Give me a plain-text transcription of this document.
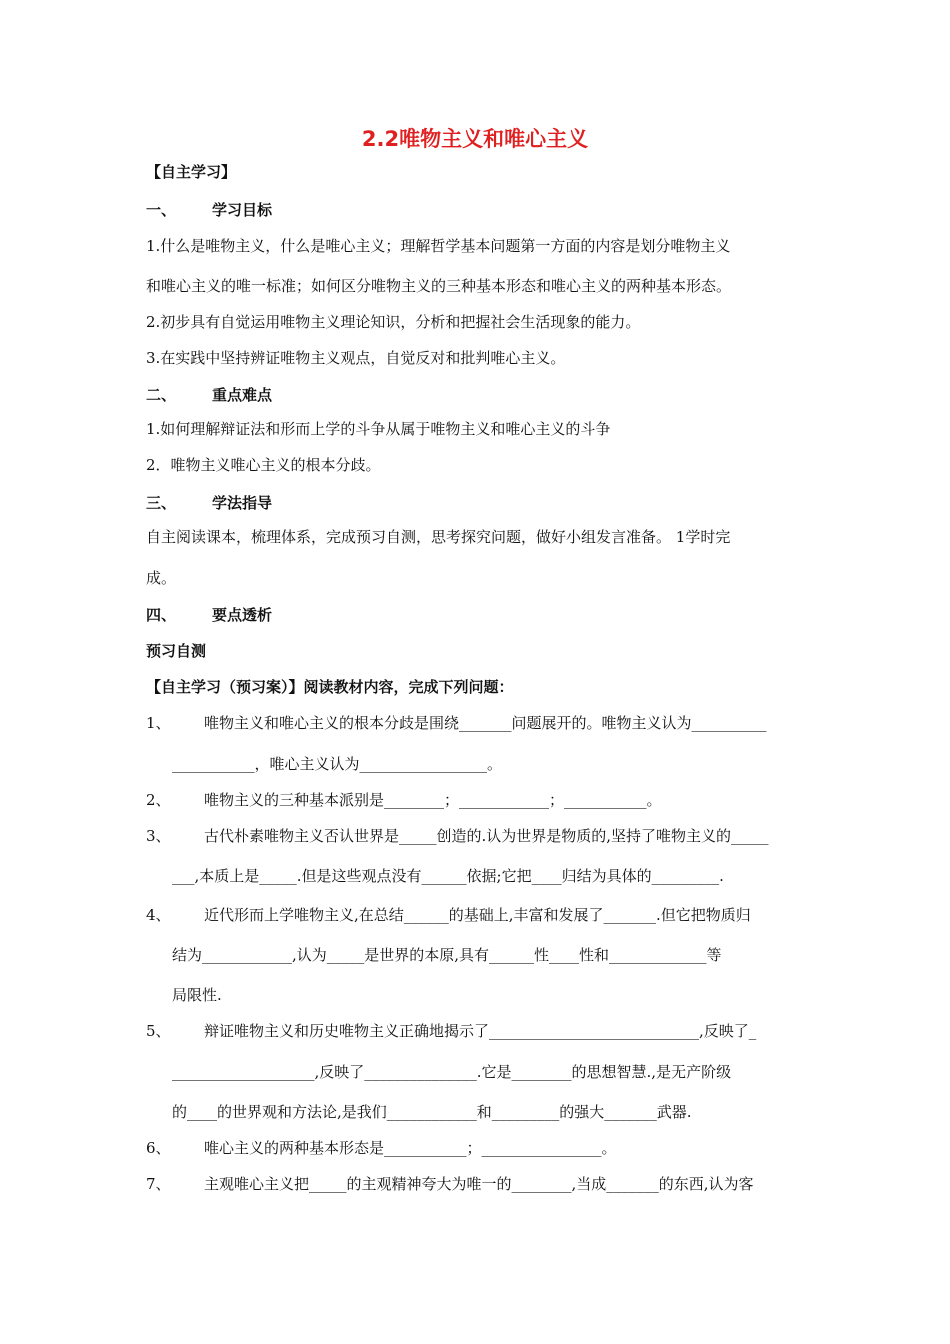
2.2唯物主义和唯心主义
【自主学习】
一、 学习目标
1.什么是唯物主义，什么是唯心主义；理解哲学基本问题第一方面的内容是划分唯物主义
和唯心主义的唯一标准；如何区分唯物主义的三种基本形态和唯心主义的两种基本形态。
2.初步具有自觉运用唯物主义理论知识，分析和把握社会生活现象的能力。
3.在实践中坚持辨证唯物主义观点，自觉反对和批判唯心主义。
二、 重点难点
1.如何理解辩证法和形而上学的斗争从属于唯物主义和唯心主义的斗争
2．唯物主义唯心主义的根本分歧。
三、 学法指导
自主阅读课本，梳理体系，完成预习自测，思考探究问题，做好小组发言准备。 1学时完
成。
四、 要点透析
预习自测
【自主学习（预习案）】阅读教材内容，完成下列问题：
1、 唯物主义和唯心主义的根本分歧是围绕_______问题展开的。唯物主义认为__________
___________，唯心主义认为_________________。
2、 唯物主义的三种基本派别是________；____________；___________。
3、 古代朴素唯物主义否认世界是_____创造的.认为世界是物质的,坚持了唯物主义的_____
___,本质上是_____.但是这些观点没有______依据;它把____归结为具体的_________.
4、 近代形而上学唯物主义,在总结______的基础上,丰富和发展了_______.但它把物质归
结为____________,认为_____是世界的本原,具有______性____性和_____________等
局限性.
5、 辩证唯物主义和历史唯物主义正确地揭示了____________________________,反映了_
___________________,反映了_______________.它是________的思想智慧.,是无产阶级
的____的世界观和方法论,是我们____________和_________的强大_______武器.
6、 唯心主义的两种基本形态是___________；________________。
7、 主观唯心主义把_____的主观精神夸大为唯一的________,当成_______的东西,认为客
